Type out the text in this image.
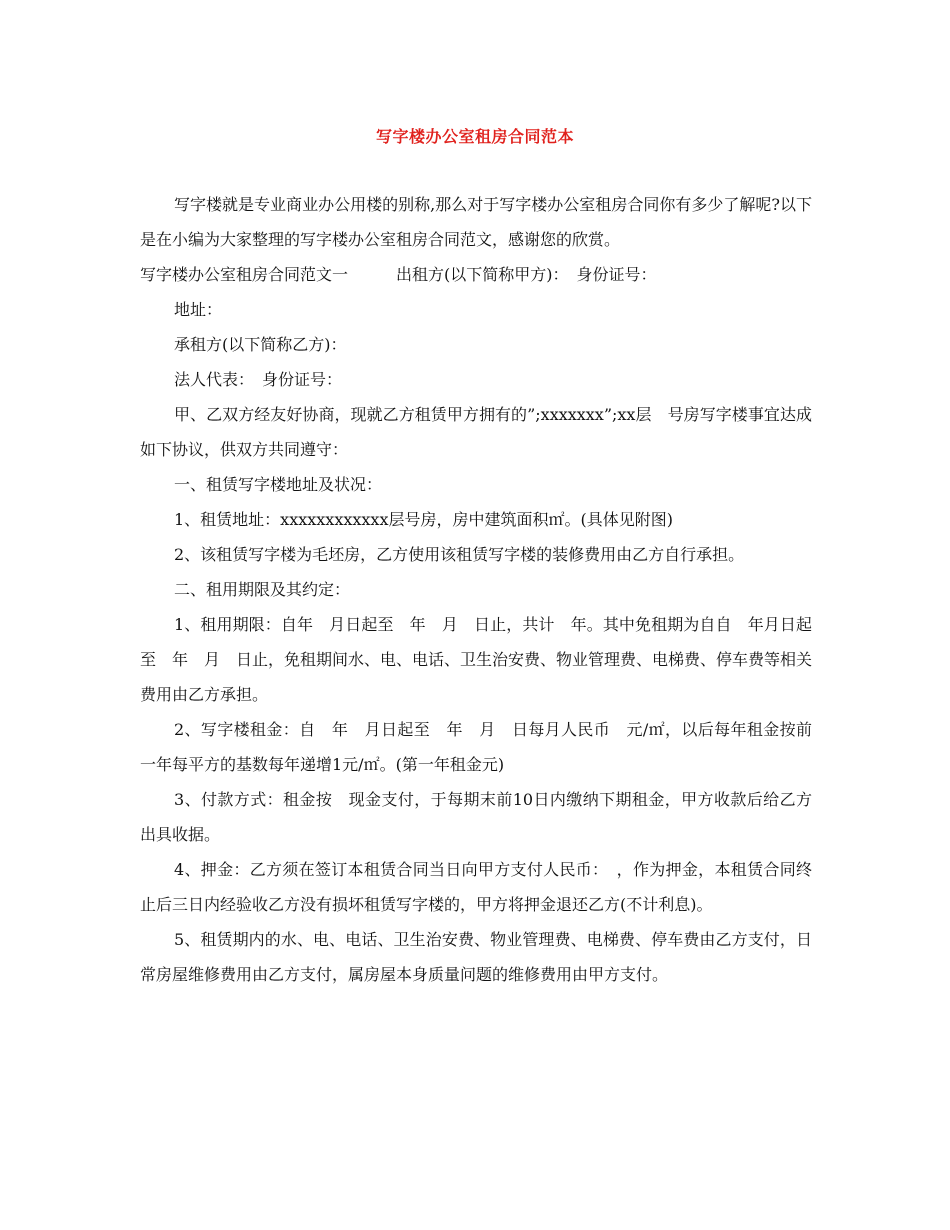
写字楼办公室租房合同范本

写字楼就是专业商业办公用楼的别称,那么对于写字楼办公室租房合同你有多少了解呢?以下是在小编为大家整理的写字楼办公室租房合同范文，感谢您的欣赏。

写字楼办公室租房合同范文一　　　出租方(以下简称甲方)：　身份证号：

地址：

承租方(以下简称乙方)：

法人代表：　身份证号：

甲、乙双方经友好协商，现就乙方租赁甲方拥有的”;xxxxxxx”;xx层　号房写字楼事宜达成如下协议，供双方共同遵守：

一、租赁写字楼地址及状况：

1、租赁地址：xxxxxxxxxxxx层号房，房中建筑面积㎡。(具体见附图)

2、该租赁写字楼为毛坯房，乙方使用该租赁写字楼的装修费用由乙方自行承担。

二、租用期限及其约定：

1、租用期限：自年　月日起至　年　月　日止，共计　年。其中免租期为自自　年月日起至　年　月　日止，免租期间水、电、电话、卫生治安费、物业管理费、电梯费、停车费等相关费用由乙方承担。

2、写字楼租金：自　年　月日起至　年　月　日每月人民币　元/㎡，以后每年租金按前一年每平方的基数每年递增1元/㎡。(第一年租金元)

3、付款方式：租金按　现金支付，于每期末前10日内缴纳下期租金，甲方收款后给乙方出具收据。

4、押金：乙方须在签订本租赁合同当日向甲方支付人民币：　，作为押金，本租赁合同终止后三日内经验收乙方没有损坏租赁写字楼的，甲方将押金退还乙方(不计利息)。

5、租赁期内的水、电、电话、卫生治安费、物业管理费、电梯费、停车费由乙方支付，日常房屋维修费用由乙方支付，属房屋本身质量问题的维修费用由甲方支付。
